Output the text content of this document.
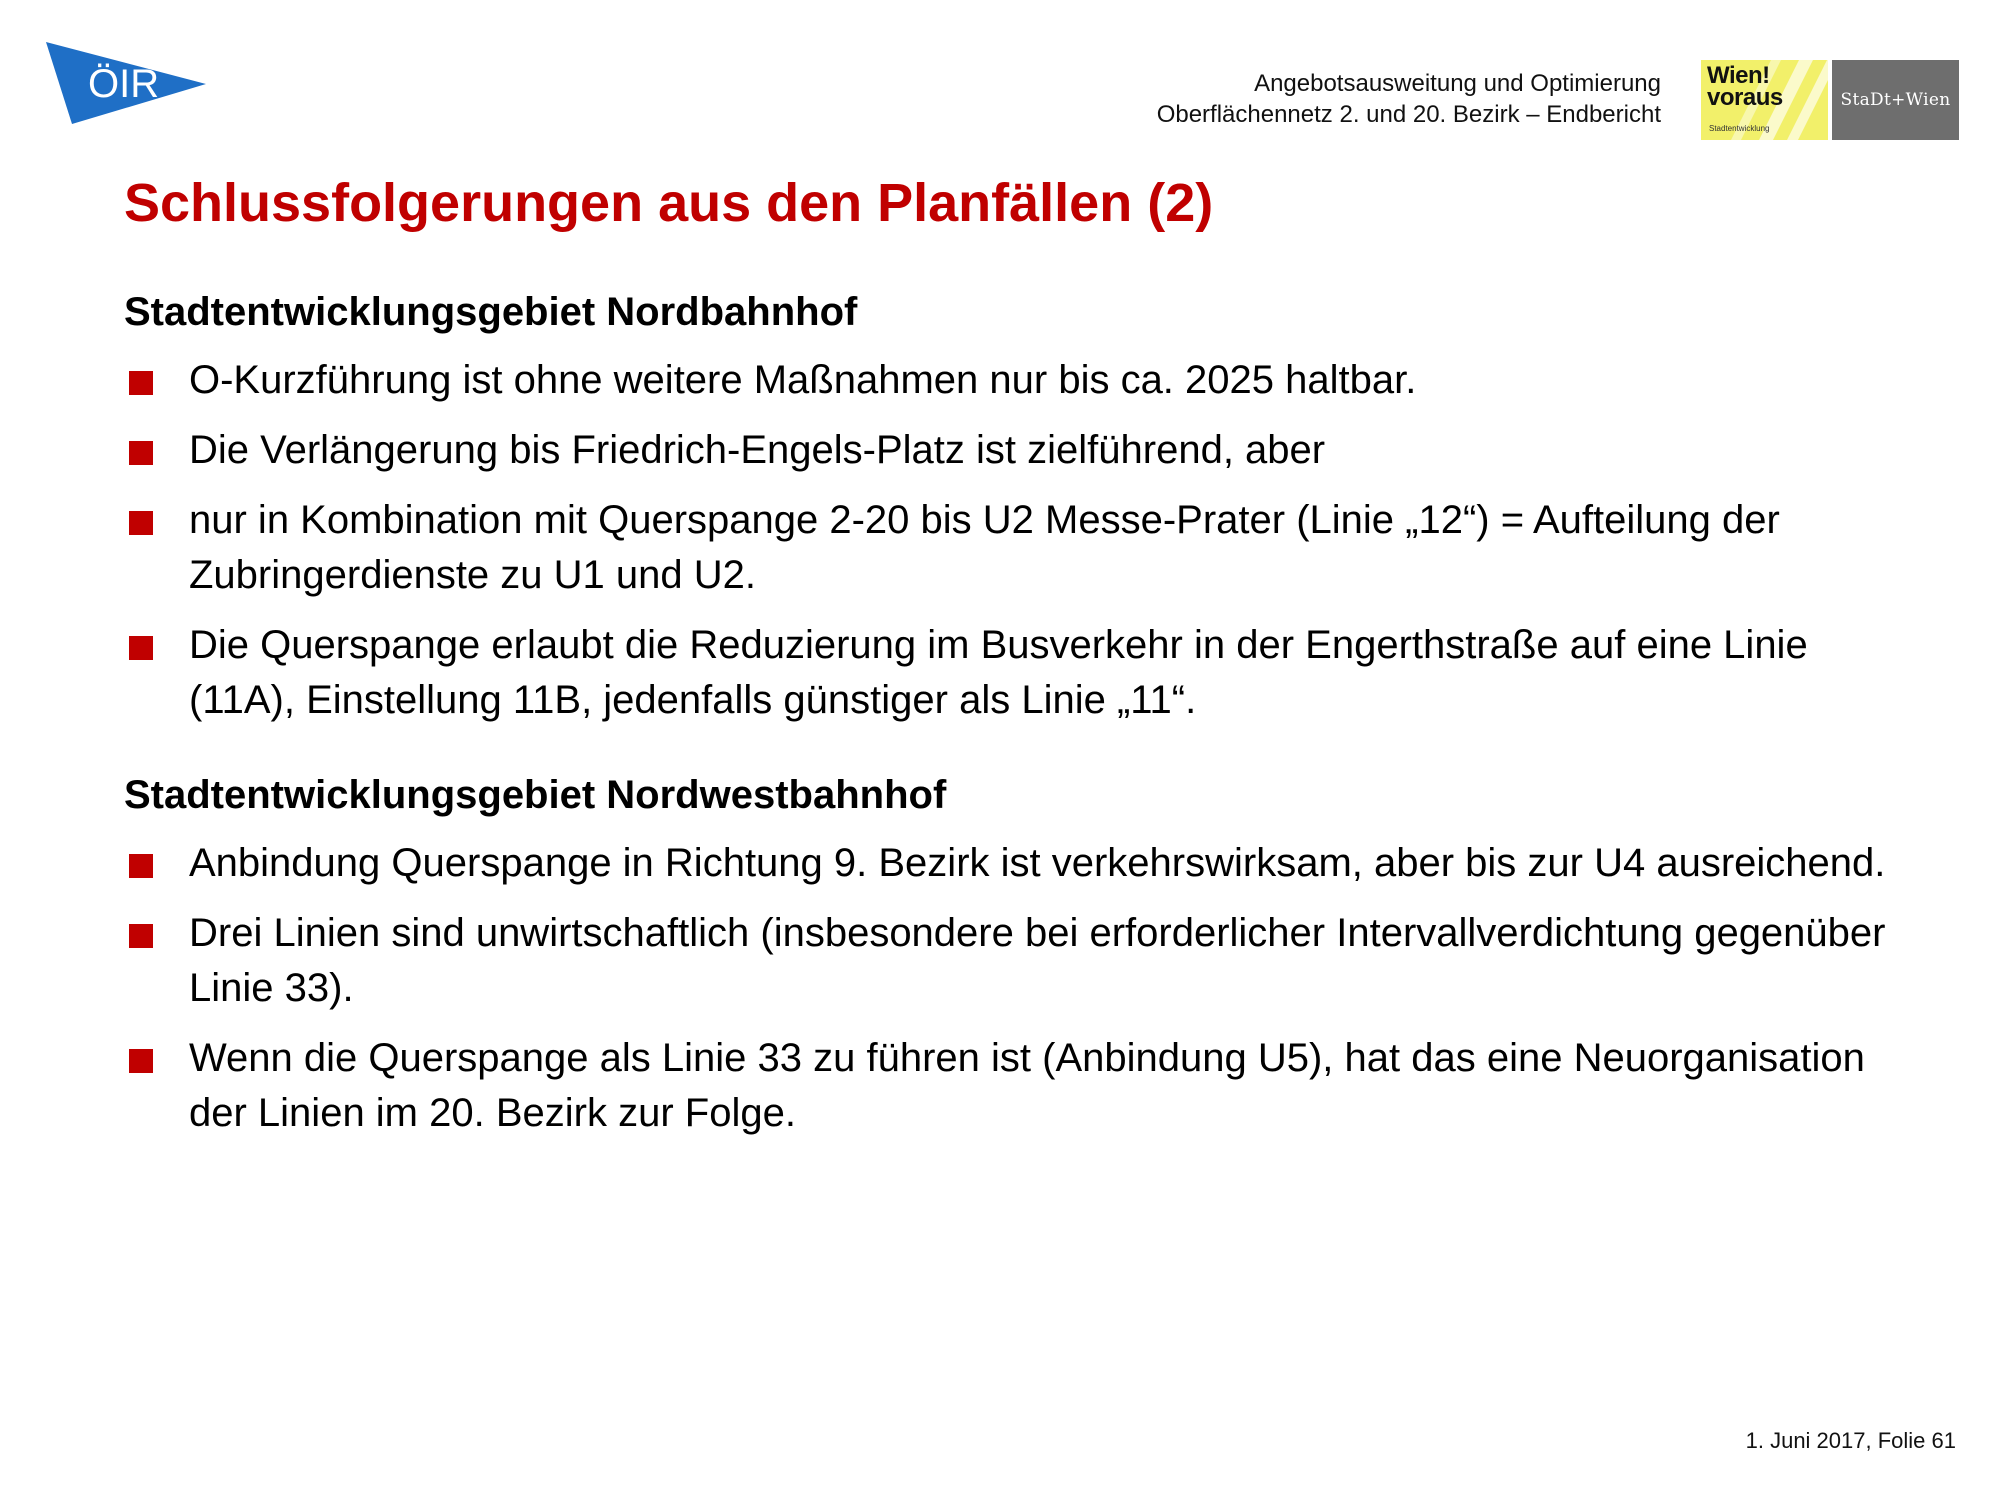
ÖIR	Angebotsausweitung und Optimierung
Oberflächennetz 2. und 20. Bezirk – Endbericht
Wien!
voraus
Stadtentwicklung
StaDt+Wien
Schlussfolgerungen aus den Planfällen (2)
Stadtentwicklungsgebiet Nordbahnhof
O-Kurzführung ist ohne weitere Maßnahmen nur bis ca. 2025 haltbar.
Die Verlängerung bis Friedrich-Engels-Platz ist zielführend, aber
nur in Kombination mit Querspange 2-20 bis U2 Messe-Prater (Linie „12“) = Aufteilung der Zubringerdienste zu U1 und U2.
Die Querspange erlaubt die Reduzierung im Busverkehr in der Engerthstraße auf eine Linie (11A), Einstellung 11B, jedenfalls günstiger als Linie „11“.
Stadtentwicklungsgebiet Nordwestbahnhof
Anbindung Querspange in Richtung 9. Bezirk ist verkehrswirksam, aber bis zur U4 ausreichend.
Drei Linien sind unwirtschaftlich (insbesondere bei erforderlicher Intervallverdichtung gegenüber Linie 33).
Wenn die Querspange als Linie 33 zu führen ist (Anbindung U5), hat das eine Neuorganisation der Linien im 20. Bezirk zur Folge.
1. Juni 2017, Folie 61
